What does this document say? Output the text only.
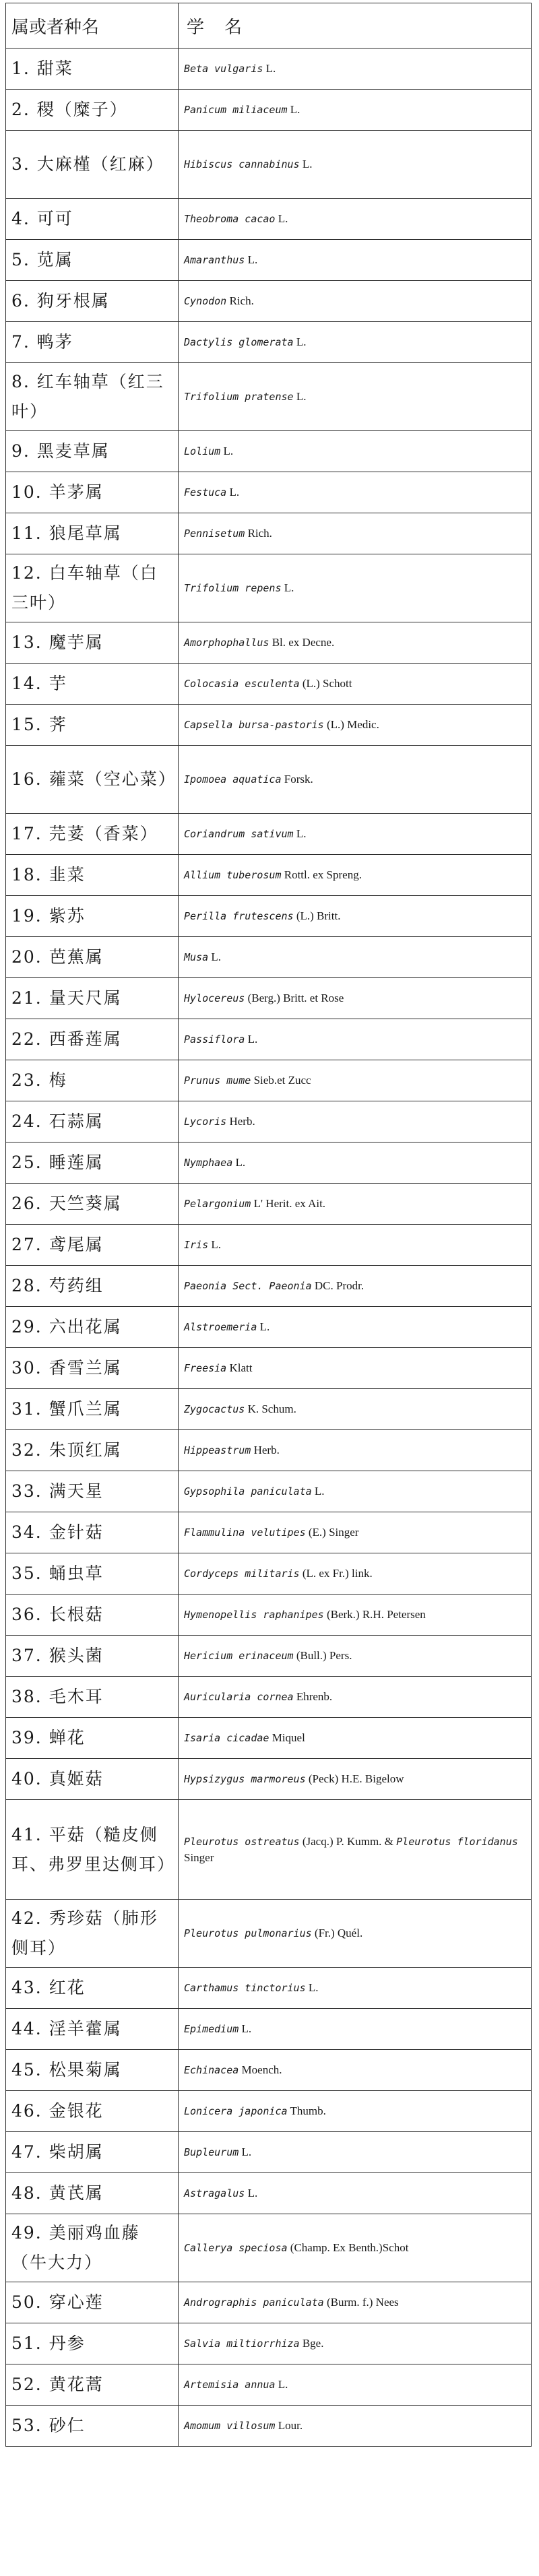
属或者种名	学名
1. 甜菜	Beta vulgaris L.
2. 稷（糜子）	Panicum miliaceum L.
3. 大麻槿（红麻）	Hibiscus cannabinus L.
4. 可可	Theobroma cacao L.
5. 苋属	Amaranthus L.
6. 狗牙根属	Cynodon Rich.
7. 鸭茅	Dactylis glomerata L.
8. 红车轴草（红三叶）	Trifolium pratense L.
9. 黑麦草属	Lolium L.
10. 羊茅属	Festuca L.
11. 狼尾草属	Pennisetum Rich.
12. 白车轴草（白三叶）	Trifolium repens L.
13. 魔芋属	Amorphophallus Bl. ex Decne.
14. 芋	Colocasia esculenta (L.) Schott
15. 荠	Capsella bursa-pastoris (L.) Medic.
16. 蕹菜（空心菜）	Ipomoea aquatica Forsk.
17. 芫荽（香菜）	Coriandrum sativum L.
18. 韭菜	Allium tuberosum Rottl. ex Spreng.
19. 紫苏	Perilla frutescens (L.) Britt.
20. 芭蕉属	Musa L.
21. 量天尺属	Hylocereus (Berg.) Britt. et Rose
22. 西番莲属	Passiflora L.
23. 梅	Prunus mume Sieb.et Zucc
24. 石蒜属	Lycoris Herb.
25. 睡莲属	Nymphaea L.
26. 天竺葵属	Pelargonium L' Herit. ex Ait.
27. 鸢尾属	Iris L.
28. 芍药组	Paeonia Sect. Paeonia DC. Prodr.
29. 六出花属	Alstroemeria L.
30. 香雪兰属	Freesia Klatt
31. 蟹爪兰属	Zygocactus K. Schum.
32. 朱顶红属	Hippeastrum Herb.
33. 满天星	Gypsophila paniculata L.
34. 金针菇	Flammulina velutipes (E.) Singer
35. 蛹虫草	Cordyceps militaris (L. ex Fr.) link.
36. 长根菇	Hymenopellis raphanipes (Berk.) R.H. Petersen
37. 猴头菌	Hericium erinaceum (Bull.) Pers.
38. 毛木耳	Auricularia cornea Ehrenb.
39. 蝉花	Isaria cicadae Miquel
40. 真姬菇	Hypsizygus marmoreus (Peck) H.E. Bigelow
41. 平菇（糙皮侧耳、弗罗里达侧耳）	Pleurotus ostreatus (Jacq.) P. Kumm. & Pleurotus floridanus Singer
42. 秀珍菇（肺形侧耳）	Pleurotus pulmonarius (Fr.) Quél.
43. 红花	Carthamus tinctorius L.
44. 淫羊藿属	Epimedium L.
45. 松果菊属	Echinacea Moench.
46. 金银花	Lonicera japonica Thumb.
47. 柴胡属	Bupleurum L.
48. 黄芪属	Astragalus L.
49. 美丽鸡血藤（牛大力）	Callerya speciosa (Champ. Ex Benth.)Schot
50. 穿心莲	Andrographis paniculata (Burm. f.) Nees
51. 丹参	Salvia miltiorrhiza Bge.
52. 黄花蒿	Artemisia annua L.
53. 砂仁	Amomum villosum Lour.
